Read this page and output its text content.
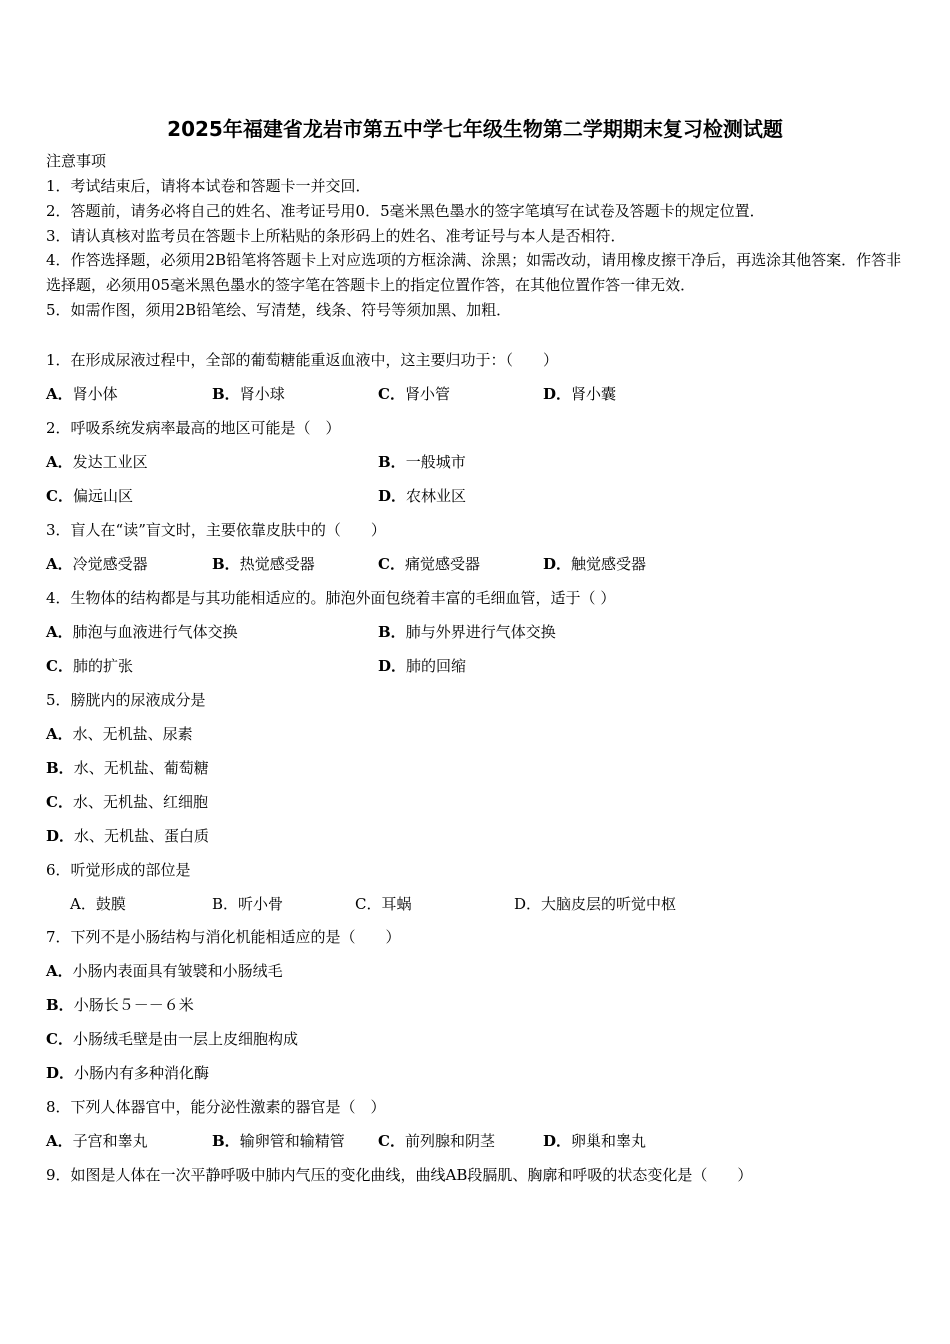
2025年福建省龙岩市第五中学七年级生物第二学期期末复习检测试题
注意事项
1．考试结束后，请将本试卷和答题卡一并交回．
2．答题前，请务必将自己的姓名、准考证号用0．5毫米黑色墨水的签字笔填写在试卷及答题卡的规定位置．
3．请认真核对监考员在答题卡上所粘贴的条形码上的姓名、准考证号与本人是否相符．
4．作答选择题，必须用2B铅笔将答题卡上对应选项的方框涂满、涂黑；如需改动，请用橡皮擦干净后，再选涂其他答案．作答非选择题，必须用05毫米黑色墨水的签字笔在答题卡上的指定位置作答，在其他位置作答一律无效．
5．如需作图，须用2B铅笔绘、写清楚，线条、符号等须加黑、加粗．
1．在形成尿液过程中，全部的葡萄糖能重返血液中，这主要归功于：（　　）
A．肾小体	B．肾小球	C．肾小管	D．肾小囊
2．呼吸系统发病率最高的地区可能是（　）
A．发达工业区	B．一般城市
C．偏远山区	D．农林业区
3．盲人在“读”盲文时，主要依靠皮肤中的（　　）
A．冷觉感受器	B．热觉感受器	C．痛觉感受器	D．触觉感受器
4．生物体的结构都是与其功能相适应的。肺泡外面包绕着丰富的毛细血管，适于（ ）
A．肺泡与血液进行气体交换	B．肺与外界进行气体交换
C．肺的扩张	D．肺的回缩
5．膀胱内的尿液成分是
A．水、无机盐、尿素
B．水、无机盐、葡萄糖
C．水、无机盐、红细胞
D．水、无机盐、蛋白质
6．听觉形成的部位是
A．鼓膜	B．听小骨	C．耳蜗	D．大脑皮层的听觉中枢
7．下列不是小肠结构与消化机能相适应的是（　　）
A．小肠内表面具有皱襞和小肠绒毛
B．小肠长５－－６米
C．小肠绒毛壁是由一层上皮细胞构成
D．小肠内有多种消化酶
8．下列人体器官中，能分泌性激素的器官是（　）
A．子宫和睾丸	B．输卵管和输精管 C．前列腺和阴茎	D．卵巢和睾丸
9．如图是人体在一次平静呼吸中肺内气压的变化曲线，曲线AB段膈肌、胸廓和呼吸的状态变化是（　　）
